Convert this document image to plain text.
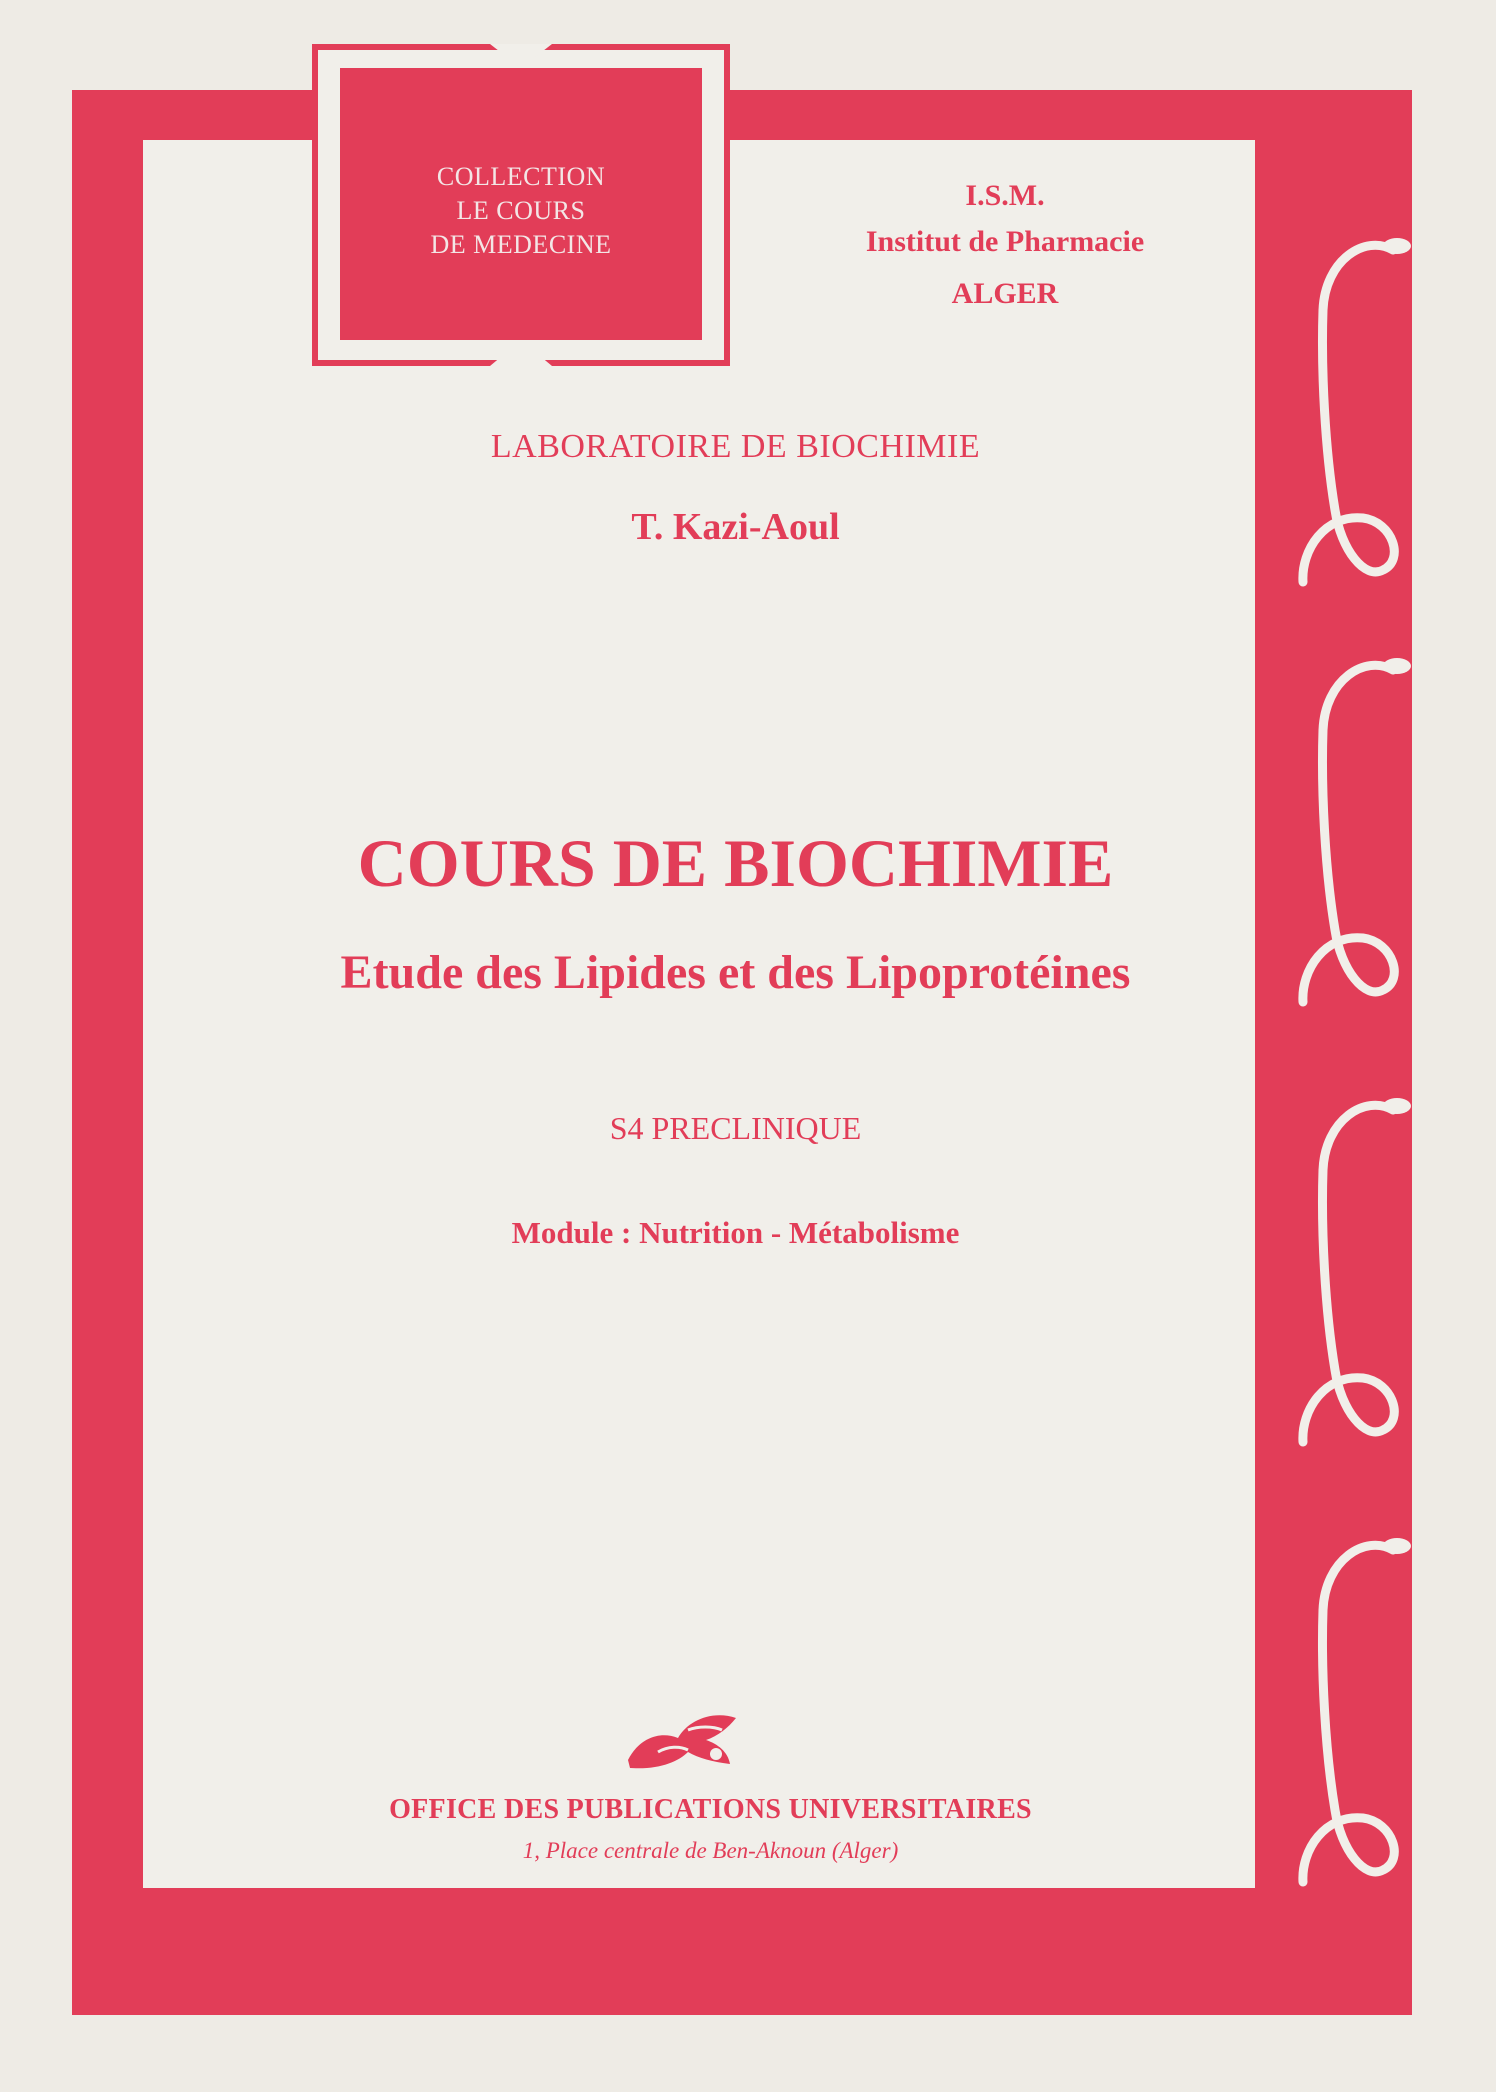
COLLECTION
LE COURS
DE MEDECINE
I.S.M.
Institut de Pharmacie
ALGER
LABORATOIRE DE BIOCHIMIE
T. Kazi-Aoul
COURS DE BIOCHIMIE
Etude des Lipides et des Lipoprotéines
S4 PRECLINIQUE
Module : Nutrition - Métabolisme
OFFICE DES PUBLICATIONS UNIVERSITAIRES
1, Place centrale de Ben-Aknoun (Alger)
